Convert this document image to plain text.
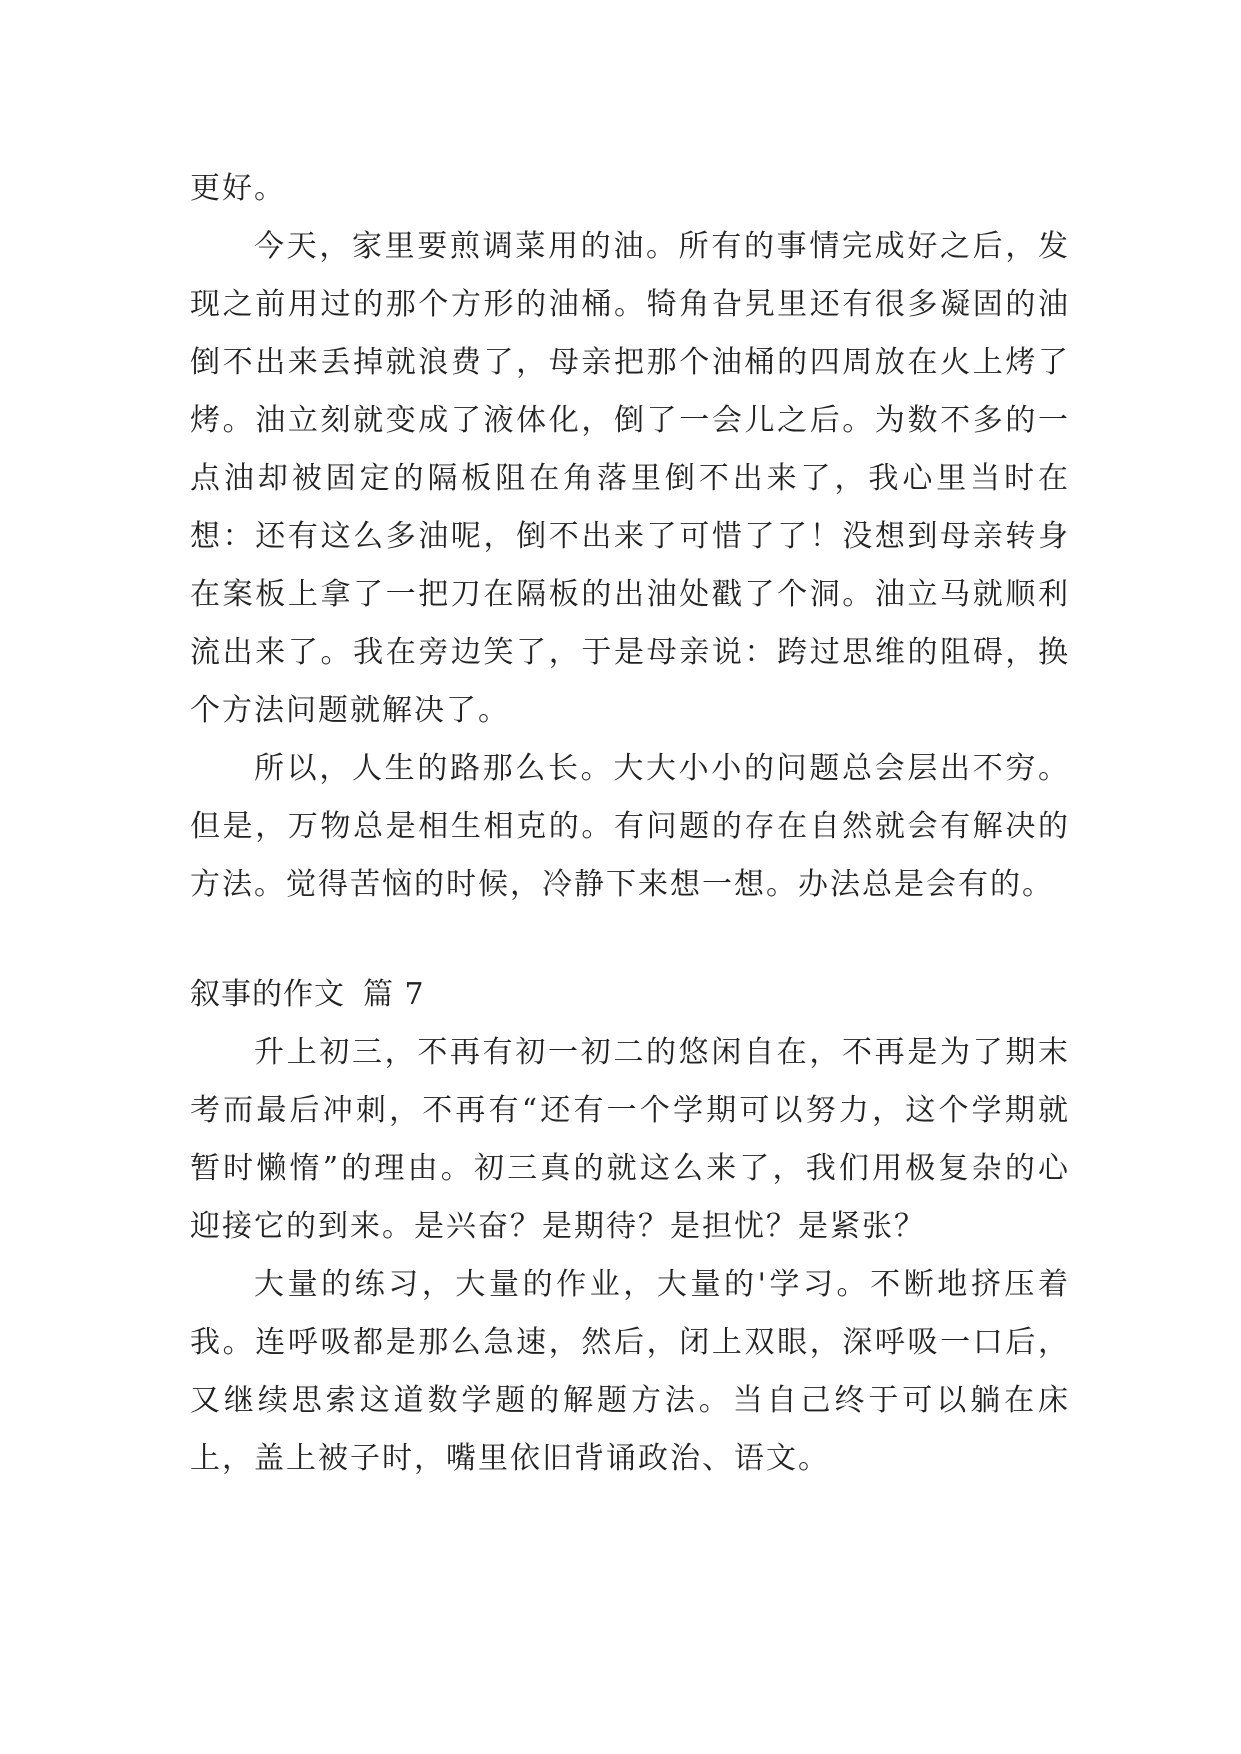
更好。

今天，家里要煎调菜用的油。所有的事情完成好之后，发现之前用过的那个方形的油桶。犄角旮旯里还有很多凝固的油倒不出来丢掉就浪费了，母亲把那个油桶的四周放在火上烤了烤。油立刻就变成了液体化，倒了一会儿之后。为数不多的一点油却被固定的隔板阻在角落里倒不出来了，我心里当时在想：还有这么多油呢，倒不出来了可惜了了！没想到母亲转身在案板上拿了一把刀在隔板的出油处戳了个洞。油立马就顺利流出来了。我在旁边笑了，于是母亲说：跨过思维的阻碍，换个方法问题就解决了。

所以，人生的路那么长。大大小小的问题总会层出不穷。但是，万物总是相生相克的。有问题的存在自然就会有解决的方法。觉得苦恼的时候，冷静下来想一想。办法总是会有的。

叙事的作文 篇 7

升上初三，不再有初一初二的悠闲自在，不再是为了期末考而最后冲刺，不再有“还有一个学期可以努力，这个学期就暂时懒惰”的理由。初三真的就这么来了，我们用极复杂的心迎接它的到来。是兴奋？是期待？是担忧？是紧张？

大量的练习，大量的作业，大量的'学习。不断地挤压着我。连呼吸都是那么急速，然后，闭上双眼，深呼吸一口后，又继续思索这道数学题的解题方法。当自己终于可以躺在床上，盖上被子时，嘴里依旧背诵政治、语文。
